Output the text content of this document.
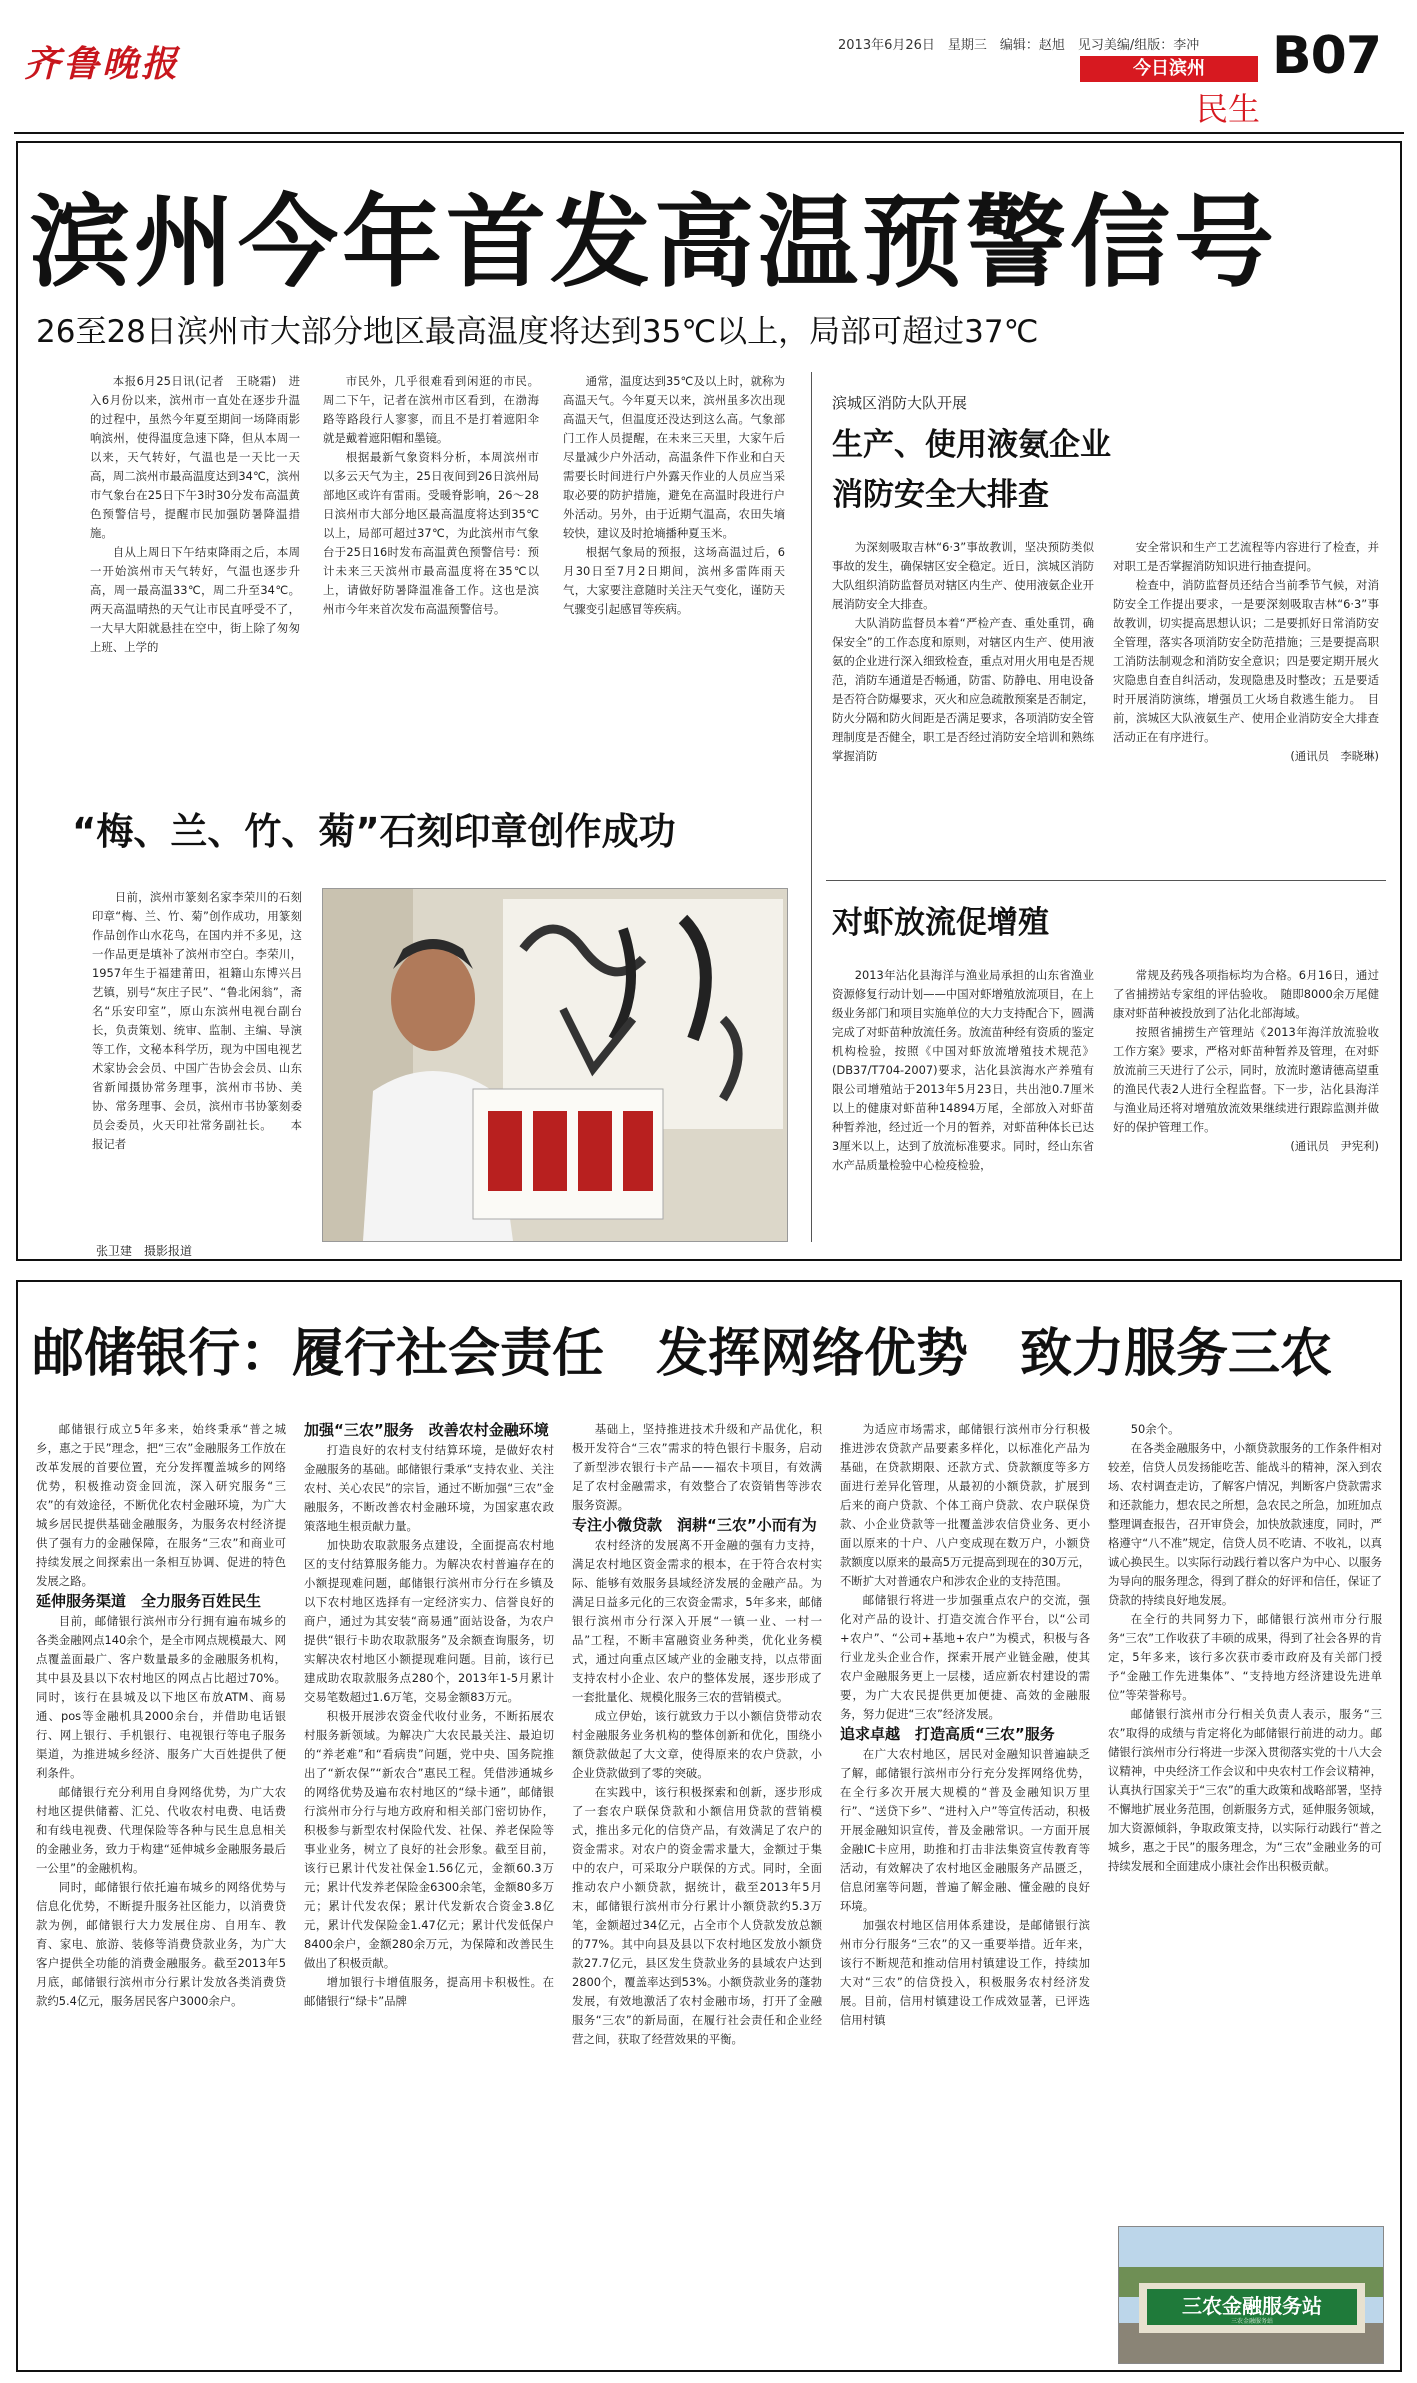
齐鲁晚报	2013年6月26日　星期三　编辑：赵旭　见习美编/组版：李冲
今日滨州
民生
B07
滨州今年首发高温预警信号
26至28日滨州市大部分地区最高温度将达到35℃以上，局部可超过37℃

本报6月25日讯(记者　王晓霜)　进入6月份以来，滨州市一直处在逐步升温的过程中，虽然今年夏至期间一场降雨影响滨州，使得温度急速下降，但从本周一以来，天气转好，气温也是一天比一天高，周二滨州市最高温度达到34℃，滨州市气象台在25日下午3时30分发布高温黄色预警信号，提醒市民加强防暑降温措施。

自从上周日下午结束降雨之后，本周一开始滨州市天气转好，气温也逐步升高，周一最高温33℃，周二升至34℃。两天高温晴热的天气让市民直呼受不了，一大早大阳就悬挂在空中，街上除了匆匆上班、上学的

市民外，几乎很难看到闲逛的市民。周二下午，记者在滨州市区看到，在渤海路等路段行人寥寥，而且不是打着遮阳伞就是戴着遮阳帽和墨镜。

根据最新气象资料分析，本周滨州市以多云天气为主，25日夜间到26日滨州局部地区或许有雷雨。受暖脊影响，26～28日滨州市大部分地区最高温度将达到35℃以上，局部可超过37℃，为此滨州市气象台于25日16时发布高温黄色预警信号：预计未来三天滨州市最高温度将在35℃以上，请做好防暑降温准备工作。这也是滨州市今年来首次发布高温预警信号。

通常，温度达到35℃及以上时，就称为高温天气。今年夏天以来，滨州虽多次出现高温天气，但温度还没达到这么高。气象部门工作人员提醒，在未来三天里，大家午后尽量减少户外活动，高温条件下作业和白天需要长时间进行户外露天作业的人员应当采取必要的防护措施，避免在高温时段进行户外活动。另外，由于近期气温高，农田失墒较快，建议及时抢墒播种夏玉米。

根据气象局的预报，这场高温过后，6月30日至7月2日期间，滨州多雷阵雨天气，大家要注意随时关注天气变化，谨防天气骤变引起感冒等疾病。

“梅、兰、竹、菊”石刻印章创作成功

日前，滨州市篆刻名家李荣川的石刻印章“梅、兰、竹、菊”创作成功，用篆刻作品创作山水花鸟，在国内并不多见，这一作品更是填补了滨州市空白。李荣川，1957年生于福建莆田，祖籍山东博兴吕艺镇，别号“灰庄子民”、“鲁北闲翁”，斋名“乐安印室”，原山东滨州电视台副台长，负责策划、统审、监制、主编、导演等工作，文秘本科学历，现为中国电视艺术家协会会员、中国广告协会会员、山东省新闻摄协常务理事，滨州市书协、美协、常务理事、会员，滨州市书协篆刻委员会委员，火天印社常务副社长。　　本报记者

张卫建　摄影报道
滨城区消防大队开展
生产、使用液氨企业
消防安全大排查

为深刻吸取吉林“6·3”事故教训，坚决预防类似事故的发生，确保辖区安全稳定。近日，滨城区消防大队组织消防监督员对辖区内生产、使用液氨企业开展消防安全大排查。

大队消防监督员本着“严检产查、重处重罚，确保安全”的工作态度和原则，对辖区内生产、使用液氨的企业进行深入细致检查，重点对用火用电是否规范，消防车通道是否畅通，防雷、防静电、用电设备是否符合防爆要求，灭火和应急疏散预案是否制定，防火分隔和防火间距是否满足要求，各项消防安全管理制度是否健全，职工是否经过消防安全培训和熟练掌握消防

安全常识和生产工艺流程等内容进行了检查，并对职工是否掌握消防知识进行抽查提问。

检查中，消防监督员还结合当前季节气候，对消防安全工作提出要求，一是要深刻吸取吉林“6·3”事故教训，切实提高思想认识；二是要抓好日常消防安全管理，落实各项消防安全防范措施；三是要提高职工消防法制观念和消防安全意识；四是要定期开展火灾隐患自查自纠活动，发现隐患及时整改；五是要适时开展消防演练，增强员工火场自救逃生能力。　目前，滨城区大队液氨生产、使用企业消防安全大排查活动正在有序进行。

(通讯员　李晓琳)

对虾放流促增殖

2013年沾化县海洋与渔业局承担的山东省渔业资源修复行动计划——中国对虾增殖放流项目，在上级业务部门和项目实施单位的大力支持配合下，圆满完成了对虾苗种放流任务。放流苗种经有资质的鉴定机构检验，按照《中国对虾放流增殖技术规范》(DB37/T704-2007)要求，沾化县滨海水产养殖有限公司增殖站于2013年5月23日，共出池0.7厘米以上的健康对虾苗种14894万尾，全部放入对虾苗种暂养池，经过近一个月的暂养，对虾苗种体长已达3厘米以上，达到了放流标准要求。同时，经山东省水产品质量检验中心检疫检验，

常规及药残各项指标均为合格。6月16日，通过了省捕捞站专家组的评估验收。　随即8000余万尾健康对虾苗种被投放到了沾化北部海域。

按照省捕捞生产管理站《2013年海洋放流验收工作方案》要求，严格对虾苗种暂养及管理，在对虾放流前三天进行了公示，同时，放流时邀请德高望重的渔民代表2人进行全程监督。下一步，沾化县海洋与渔业局还将对增殖放流效果继续进行跟踪监测并做好的保护管理工作。

(通讯员　尹宪利)

邮储银行：履行社会责任　发挥网络优势　致力服务三农

邮储银行成立5年多来，始终秉承“普之城乡，惠之于民”理念，把“三农”金融服务工作放在改革发展的首要位置，充分发挥覆盖城乡的网络优势，积极推动资金回流，深入研究服务“三农”的有效途径，不断优化农村金融环境，为广大城乡居民提供基础金融服务，为服务农村经济提供了强有力的金融保障，在服务“三农”和商业可持续发展之间探索出一条相互协调、促进的特色发展之路。

延伸服务渠道　全力服务百姓民生

目前，邮储银行滨州市分行拥有遍布城乡的各类金融网点140余个，是全市网点规模最大、网点覆盖面最广、客户数量最多的金融服务机构，其中县及县以下农村地区的网点占比超过70%。同时，该行在县城及以下地区布放ATM、商易通、pos等金融机具2000余台，并借助电话银行、网上银行、手机银行、电视银行等电子服务渠道，为推进城乡经济、服务广大百姓提供了便利条件。

邮储银行充分利用自身网络优势，为广大农村地区提供储蓄、汇兑、代收农村电费、电话费和有线电视费、代理保险等各种与民生息息相关的金融业务，致力于构建“延伸城乡金融服务最后一公里”的金融机构。

同时，邮储银行依托遍布城乡的网络优势与信息化优势，不断提升服务社区能力，以消费贷款为例，邮储银行大力发展住房、自用车、教育、家电、旅游、装修等消费贷款业务，为广大客户提供全功能的消费金融服务。截至2013年5月底，邮储银行滨州市分行累计发放各类消费贷款约5.4亿元，服务居民客户3000余户。

加强“三农”服务　改善农村金融环境

打造良好的农村支付结算环境，是做好农村金融服务的基础。邮储银行秉承“支持农业、关注农村、关心农民”的宗旨，通过不断加强“三农”金融服务，不断改善农村金融环境，为国家惠农政策落地生根贡献力量。

加快助农取款服务点建设，全面提高农村地区的支付结算服务能力。为解决农村普遍存在的小额提现难问题，邮储银行滨州市分行在乡镇及以下农村地区选择有一定经济实力、信誉良好的商户，通过为其安装“商易通”面站设备，为农户提供“银行卡助农取款服务”及余额查询服务，切实解决农村地区小额提现难问题。目前，该行已建成助农取款服务点280个，2013年1-5月累计交易笔数超过1.6万笔，交易金额83万元。

积极开展涉农资金代收付业务，不断拓展农村服务新领域。为解决广大农民最关注、最迫切的“养老难”和“看病贵”问题，党中央、国务院推出了“新农保”“新农合”惠民工程。凭借涉通城乡的网络优势及遍布农村地区的“绿卡通”，邮储银行滨州市分行与地方政府和相关部门密切协作，积极参与新型农村保险代发、社保、养老保险等事业业务，树立了良好的社会形象。截至目前，该行已累计代发社保金1.56亿元，金额60.3万元；累计代发养老保险金6300余笔，金额80多万元；累计代发农保；累计代发新农合资金3.8亿元，累计代发保险金1.47亿元；累计代发低保户8400余户，金额280余万元，为保障和改善民生做出了积极贡献。

增加银行卡增值服务，提高用卡积极性。在邮储银行“绿卡”品牌

基础上，坚持推进技术升级和产品优化，积极开发符合“三农”需求的特色银行卡服务，启动了新型涉农银行卡产品——福农卡项目，有效满足了农村金融需求，有效整合了农资销售等涉农服务资源。

专注小微贷款　润耕“三农”小而有为

农村经济的发展离不开金融的强有力支持，满足农村地区资金需求的根本，在于符合农村实际、能够有效服务县域经济发展的金融产品。为满足日益多元化的三农资金需求，5年多来，邮储银行滨州市分行深入开展“一镇一业、一村一品”工程，不断丰富融资业务种类，优化业务模式，通过向重点区域产业的金融支持，以点带面支持农村小企业、农户的整体发展，逐步形成了一套批量化、规模化服务三农的营销模式。

成立伊始，该行就致力于以小额信贷带动农村金融服务业务机构的整体创新和优化，围绕小额贷款做起了大文章，使得原来的农户贷款，小企业贷款做到了零的突破。

在实践中，该行积极探索和创新，逐步形成了一套农户联保贷款和小额信用贷款的营销模式，推出多元化的信贷产品，有效满足了农户的资金需求。对农户的资金需求量大，金额过于集中的农户，可采取分户联保的方式。同时，全面推动农户小额贷款，据统计，截至2013年5月末，邮储银行滨州市分行累计小额贷款约5.3万笔，金额超过34亿元，占全市个人贷款发放总额的77%。其中向县及县以下农村地区发放小额贷款27.7亿元，县区发生贷款业务的县域农户达到2800个，覆盖率达到53%。小额贷款业务的蓬勃发展，有效地激活了农村金融市场，打开了金融服务“三农”的新局面，在履行社会责任和企业经营之间，获取了经营效果的平衡。

为适应市场需求，邮储银行滨州市分行积极推进涉农贷款产品要素多样化，以标准化产品为基础，在贷款期限、还款方式、贷款额度等多方面进行差异化管理，从最初的小额贷款，扩展到后来的商户贷款、个体工商户贷款、农户联保贷款、小企业贷款等一批覆盖涉农信贷业务、更小面以原来的十户、八户变成现在数万户，小额贷款额度以原来的最高5万元提高到现在的30万元，不断扩大对普通农户和涉农企业的支持范围。

邮储银行将进一步加强重点农户的交流，强化对产品的设计、打造交流合作平台，以“公司+农户”、“公司+基地+农户”为模式，积极与各行业龙头企业合作，探索开展产业链金融，使其农户金融服务更上一层楼，适应新农村建设的需要，为广大农民提供更加便捷、高效的金融服务，努力促进“三农”经济发展。

追求卓越　打造高质“三农”服务

在广大农村地区，居民对金融知识普遍缺乏了解，邮储银行滨州市分行充分发挥网络优势，在全行多次开展大规模的“普及金融知识万里行”、“送贷下乡”、“进村入户”等宣传活动，积极开展金融知识宣传，普及金融常识。一方面开展金融IC卡应用，助推和打击非法集资宣传教育等活动，有效解决了农村地区金融服务产品匮乏，信息闭塞等问题，普遍了解金融、懂金融的良好环境。

加强农村地区信用体系建设，是邮储银行滨州市分行服务“三农”的又一重要举措。近年来，该行不断规范和推动信用村镇建设工作，持续加大对“三农”的信贷投入，积极服务农村经济发展。目前，信用村镇建设工作成效显著，已评选信用村镇

50余个。

在各类金融服务中，小额贷款服务的工作条件相对较差，信贷人员发扬能吃苦、能战斗的精神，深入到农场、农村调查走访，了解客户情况，判断客户贷款需求和还款能力，想农民之所想，急农民之所急，加班加点整理调查报告，召开审贷会，加快放款速度，同时，严格遵守“八不准”规定，信贷人员不吃请、不收礼，以真诚心换民生。以实际行动践行着以客户为中心、以服务为导向的服务理念，得到了群众的好评和信任，保证了贷款的持续良好地发展。

在全行的共同努力下，邮储银行滨州市分行服务“三农”工作收获了丰硕的成果，得到了社会各界的肯定，5年多来，该行多次获市委市政府及有关部门授予“金融工作先进集体”、“支持地方经济建设先进单位”等荣誉称号。

邮储银行滨州市分行相关负责人表示，服务“三农”取得的成绩与肯定将化为邮储银行前进的动力。邮储银行滨州市分行将进一步深入贯彻落实党的十八大会议精神，中央经济工作会议和中央农村工作会议精神，认真执行国家关于“三农”的重大政策和战略部署，坚持不懈地扩展业务范围，创新服务方式，延伸服务领域，加大资源倾斜，争取政策支持，以实际行动践行“普之城乡，惠之于民”的服务理念，为“三农”金融业务的可持续发展和全面建成小康社会作出积极贡献。

三农金融服务站
三农金融服务站
